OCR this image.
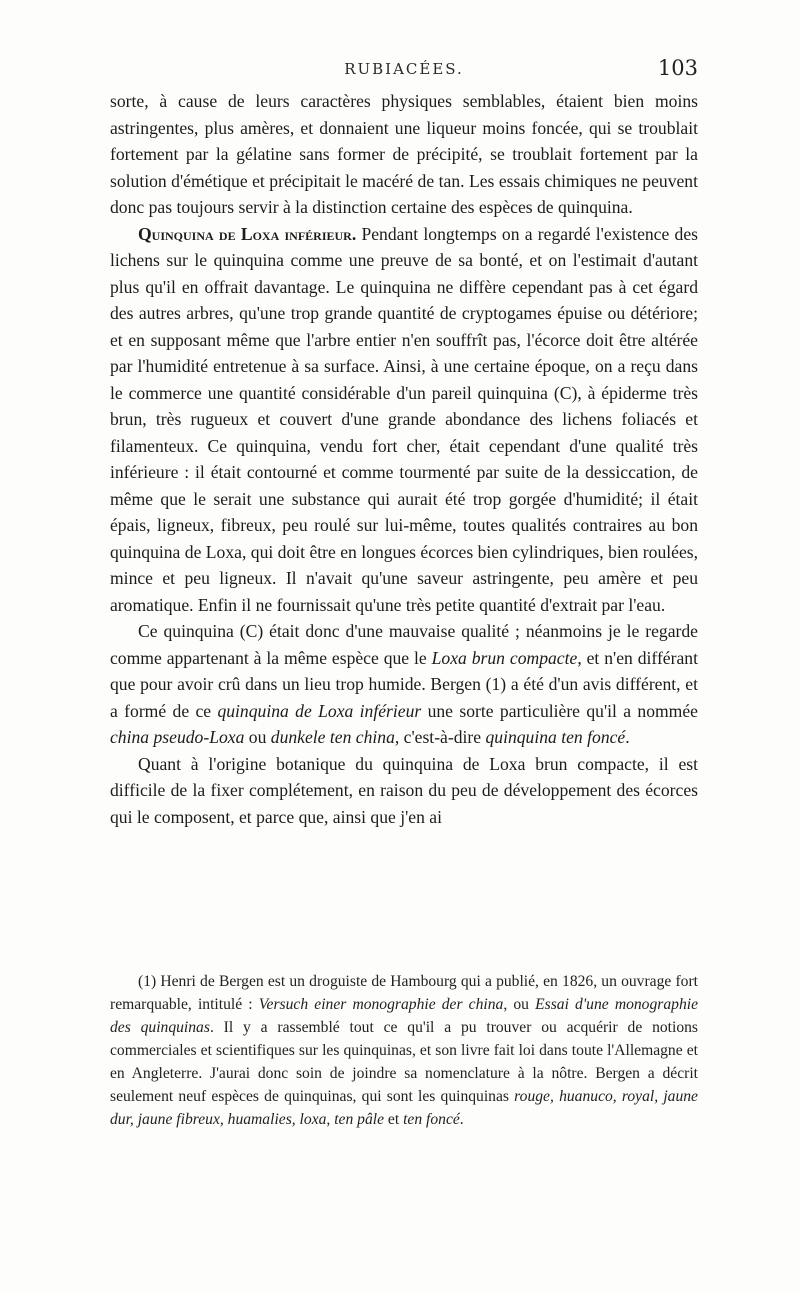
RUBIACÉES.	103

sorte, à cause de leurs caractères physiques semblables, étaient bien moins astringentes, plus amères, et donnaient une liqueur moins foncée, qui se troublait fortement par la gélatine sans former de précipité, se troublait fortement par la solution d'émétique et précipitait le macéré de tan. Les essais chimiques ne peuvent donc pas toujours servir à la distinction certaine des espèces de quinquina.

Quinquina de Loxa inférieur. Pendant longtemps on a regardé l'existence des lichens sur le quinquina comme une preuve de sa bonté, et on l'estimait d'autant plus qu'il en offrait davantage. Le quinquina ne diffère cependant pas à cet égard des autres arbres, qu'une trop grande quantité de cryptogames épuise ou détériore; et en supposant même que l'arbre entier n'en souffrît pas, l'écorce doit être altérée par l'humidité entretenue à sa surface. Ainsi, à une certaine époque, on a reçu dans le commerce une quantité considérable d'un pareil quinquina (C), à épiderme très brun, très rugueux et couvert d'une grande abondance des lichens foliacés et filamenteux. Ce quinquina, vendu fort cher, était cependant d'une qualité très inférieure : il était contourné et comme tourmenté par suite de la dessiccation, de même que le serait une substance qui aurait été trop gorgée d'humidité; il était épais, ligneux, fibreux, peu roulé sur lui-même, toutes qualités contraires au bon quinquina de Loxa, qui doit être en longues écorces bien cylindriques, bien roulées, mince et peu ligneux. Il n'avait qu'une saveur astringente, peu amère et peu aromatique. Enfin il ne fournissait qu'une très petite quantité d'extrait par l'eau.

Ce quinquina (C) était donc d'une mauvaise qualité ; néanmoins je le regarde comme appartenant à la même espèce que le Loxa brun compacte, et n'en différant que pour avoir crû dans un lieu trop humide. Bergen (1) a été d'un avis différent, et a formé de ce quinquina de Loxa inférieur une sorte particulière qu'il a nommée china pseudo-Loxa ou dunkele ten china, c'est-à-dire quinquina ten foncé.

Quant à l'origine botanique du quinquina de Loxa brun compacte, il est difficile de la fixer complétement, en raison du peu de développement des écorces qui le composent, et parce que, ainsi que j'en ai

(1) Henri de Bergen est un droguiste de Hambourg qui a publié, en 1826, un ouvrage fort remarquable, intitulé : Versuch einer monographie der china, ou Essai d'une monographie des quinquinas. Il y a rassemblé tout ce qu'il a pu trouver ou acquérir de notions commerciales et scientifiques sur les quinquinas, et son livre fait loi dans toute l'Allemagne et en Angleterre. J'aurai donc soin de joindre sa nomenclature à la nôtre. Bergen a décrit seulement neuf espèces de quinquinas, qui sont les quinquinas rouge, huanuco, royal, jaune dur, jaune fibreux, huamalies, loxa, ten pâle et ten foncé.
